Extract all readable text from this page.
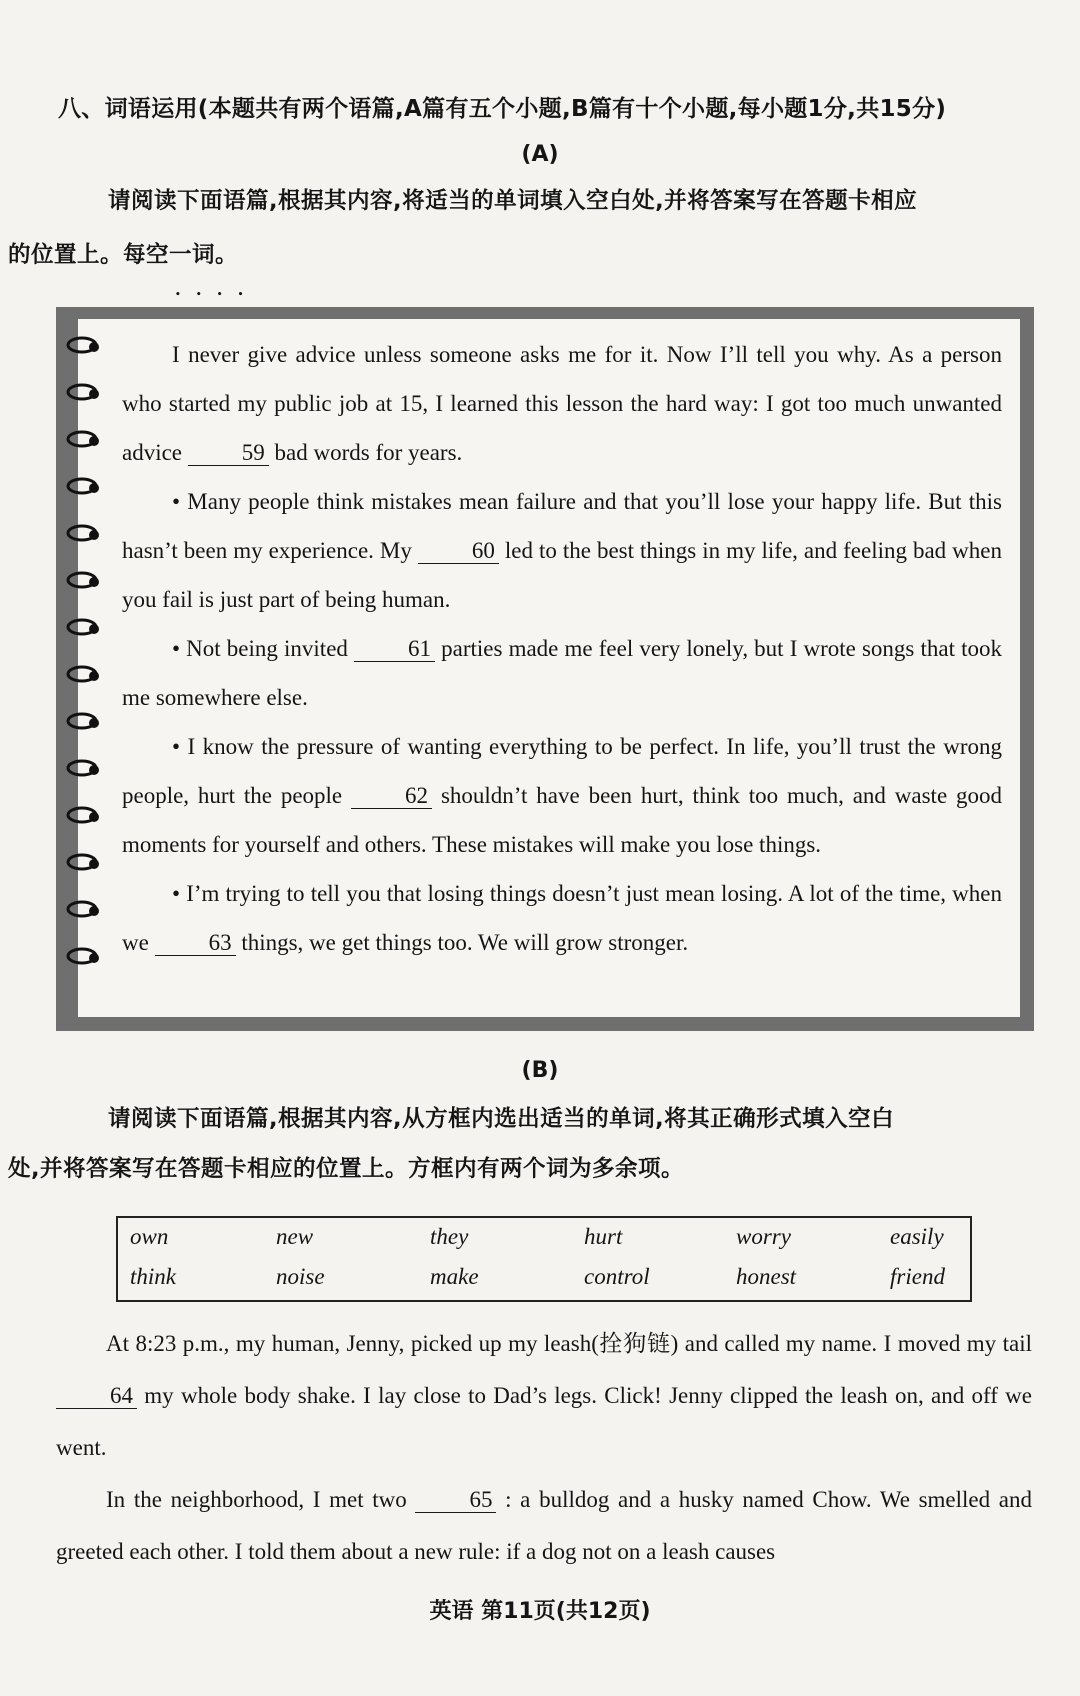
八、词语运用(本题共有两个语篇,A篇有五个小题,B篇有十个小题,每小题1分,共15分)
(A)
请阅读下面语篇,根据其内容,将适当的单词填入空白处,并将答案写在答题卡相应
的位置上。每空一词 • • • •。

I never give advice unless someone asks me for it. Now I’ll tell you why. As a person who started my public job at 15, I learned this lesson the hard way: I got too much unwanted advice	59 bad words for years.

• Many people think mistakes mean failure and that you’ll lose your happy life. But this hasn’t been my experience. My	60 led to the best things in my life, and feeling bad when you fail is just part of being human.

• Not being invited	61 parties made me feel very lonely, but I wrote songs that took me somewhere else.

• I know the pressure of wanting everything to be perfect. In life, you’ll trust the wrong people, hurt the people	62 shouldn’t have been hurt, think too much, and waste good moments for yourself and others. These mistakes will make you lose things.

• I’m trying to tell you that losing things doesn’t just mean losing. A lot of the time, when we	63 things, we get things too. We will grow stronger.

(B)
请阅读下面语篇,根据其内容,从方框内选出适当的单词,将其正确形式填入空白
处,并将答案写在答题卡相应的位置上。方框内有两个词为多余项。
own	new	they	hurt	worry	easily
think	noise	make	control	honest	friend

At 8:23 p.m., my human, Jenny, picked up my leash(拴狗链) and called my name. I moved my tail 64 my whole body shake. I lay close to Dad’s legs. Click! Jenny clipped the leash on, and off we went.

In the neighborhood, I met two	65 : a bulldog and a husky named Chow. We smelled and greeted each other. I told them about a new rule: if a dog not on a leash causes

英语 第11页(共12页)
